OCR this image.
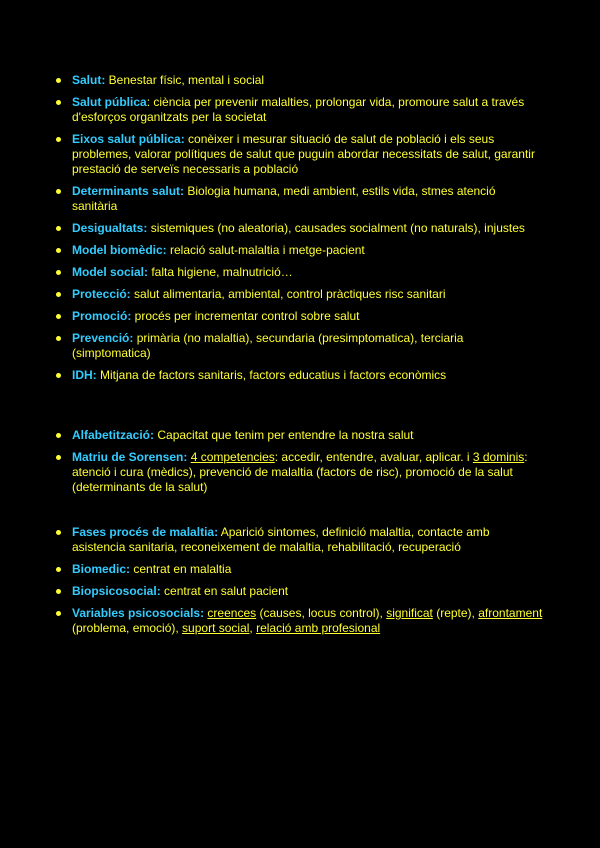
Salut: Benestar físic, mental i social
Salut pública: ciència per prevenir malalties, prolongar vida, promoure salut a través d'esforços organitzats per la societat
Eixos salut pública: conèixer i mesurar situació de salut de població i els seus problemes, valorar polítiques de salut que puguin abordar necessitats de salut, garantir prestació de serveïs necessaris a població
Determinants salut: Biologia humana, medi ambient, estils vida, stmes atenció sanitària
Desigualtats: sistemiques (no aleatoria), causades socialment (no naturals), injustes
Model biomèdic: relació salut-malaltia i metge-pacient
Model social: falta higiene, malnutrició…
Protecció: salut alimentaria, ambiental, control pràctiques risc sanitari
Promoció: procés per incrementar control sobre salut
Prevenció: primària (no malaltia), secundaria (presimptomatica), terciaria (simptomatica)
IDH: Mitjana de factors sanitaris, factors educatius i factors econòmics
Alfabetització: Capacitat que tenim per entendre la nostra salut
Matriu de Sorensen: 4 competencies: accedir, entendre, avaluar, aplicar. i 3 dominis: atenció i cura (mèdics), prevenció de malaltia (factors de risc), promoció de la salut (determinants de la salut)
Fases procés de malaltia: Aparició sintomes, definició malaltia, contacte amb asistencia sanitaria, reconeixement de malaltia, rehabilitació, recuperació
Biomedic: centrat en malaltia
Biopsicosocial: centrat en salut pacient
Variables psicosocials: creences (causes, locus control), significat (repte), afrontament (problema, emoció), suport social, relació amb profesional
